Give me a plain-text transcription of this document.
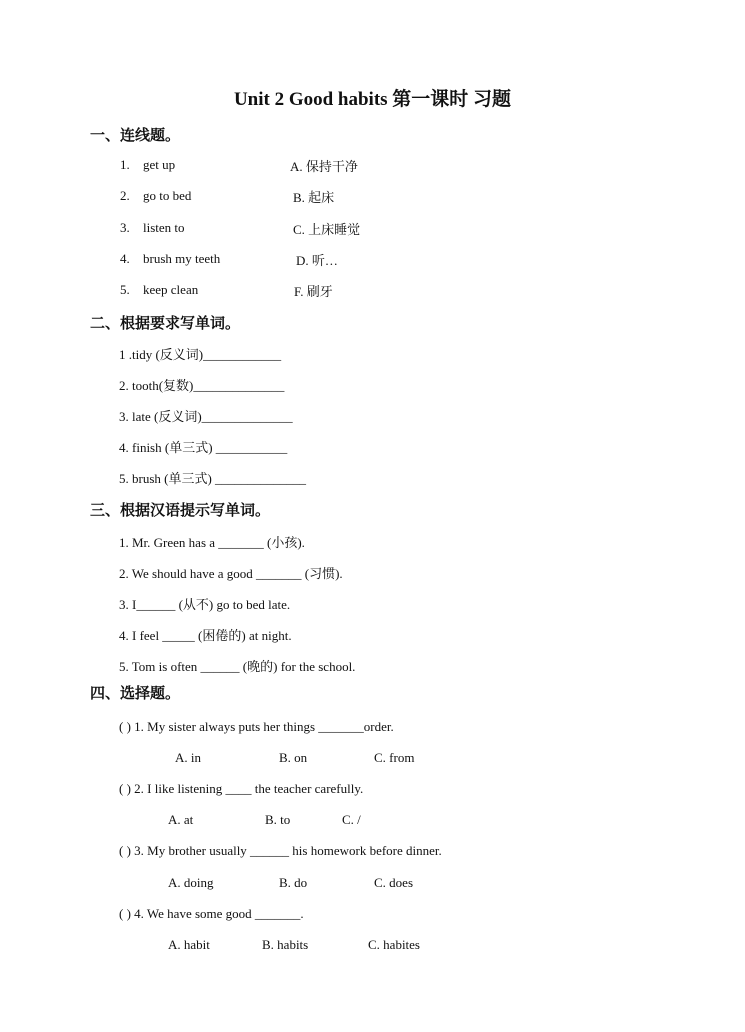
Unit 2 Good habits 第一课时 习题
一、连线题。
1. get up	A. 保持干净
2. go to bed	B. 起床
3. listen to	C. 上床睡觉
4. brush my teeth	D. 听…
5. keep clean	F. 刷牙
二、根据要求写单词。
1 .tidy (反义词)____________
2. tooth(复数)______________
3. late (反义词)______________
4. finish (单三式) ___________
5. brush (单三式) ______________
三、根据汉语提示写单词。
1. Mr. Green has a _______ (小孩).
2. We should have a good _______ (习惯).
3. I______ (从不) go to bed late.
4. I feel _____ (困倦的) at night.
5. Tom is often ______ (晚的) for the school.
四、选择题。
( ) 1. My sister always puts her things _______order.
A. in	B. on	C. from
( ) 2. I like listening ____ the teacher carefully.
A. at	B. to	C. /
( ) 3. My brother usually ______ his homework before dinner.
A. doing	B. do	C. does
( ) 4. We have some good _______.
A. habit	B. habits	C. habites
